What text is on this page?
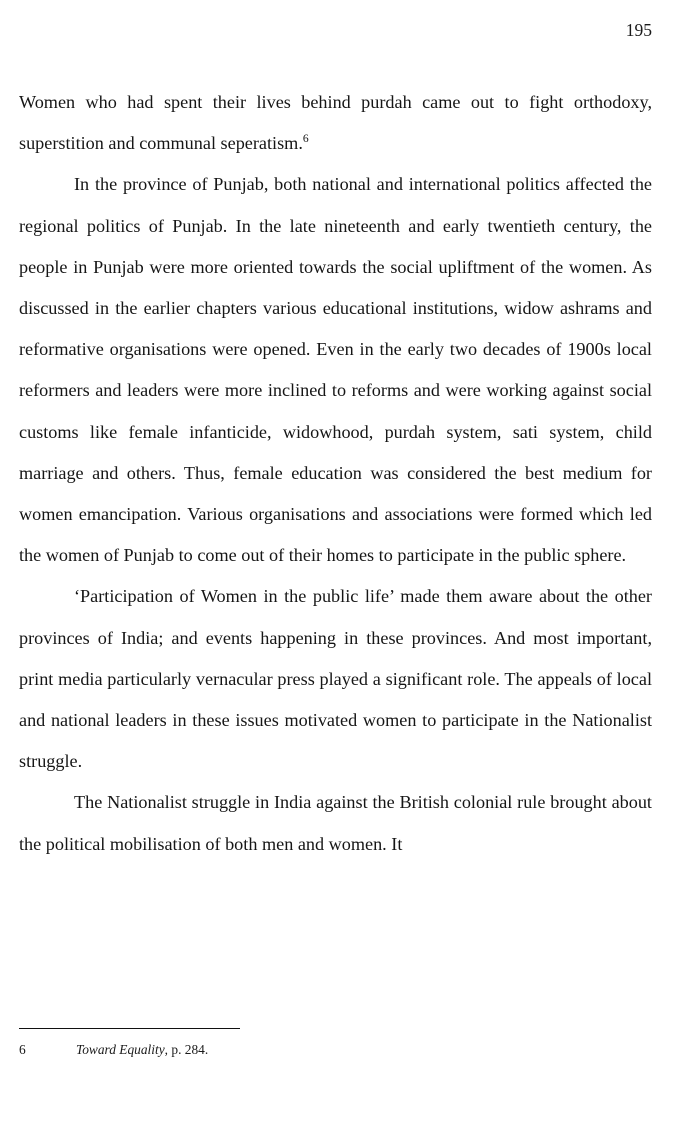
195

Women who had spent their lives behind purdah came out to fight orthodoxy, superstition and communal seperatism.$^6$

In the province of Punjab, both national and international politics affected the regional politics of Punjab. In the late nineteenth and early twentieth century, the people in Punjab were more oriented towards the social upliftment of the women. As discussed in the earlier chapters various educational institutions, widow ashrams and reformative organisations were opened. Even in the early two decades of 1900s local reformers and leaders were more inclined to reforms and were working against social customs like female infanticide, widowhood, purdah system, sati system, child marriage and others. Thus, female education was considered the best medium for women emancipation. Various organisations and associations were formed which led the women of Punjab to come out of their homes to participate in the public sphere.

‘Participation of Women in the public life’ made them aware about the other provinces of India; and events happening in these provinces. And most important, print media particularly vernacular press played a significant role. The appeals of local and national leaders in these issues motivated women to participate in the Nationalist struggle.

The Nationalist struggle in India against the British colonial rule brought about the political mobilisation of both men and women. It

6	Toward Equality, p. 284.
